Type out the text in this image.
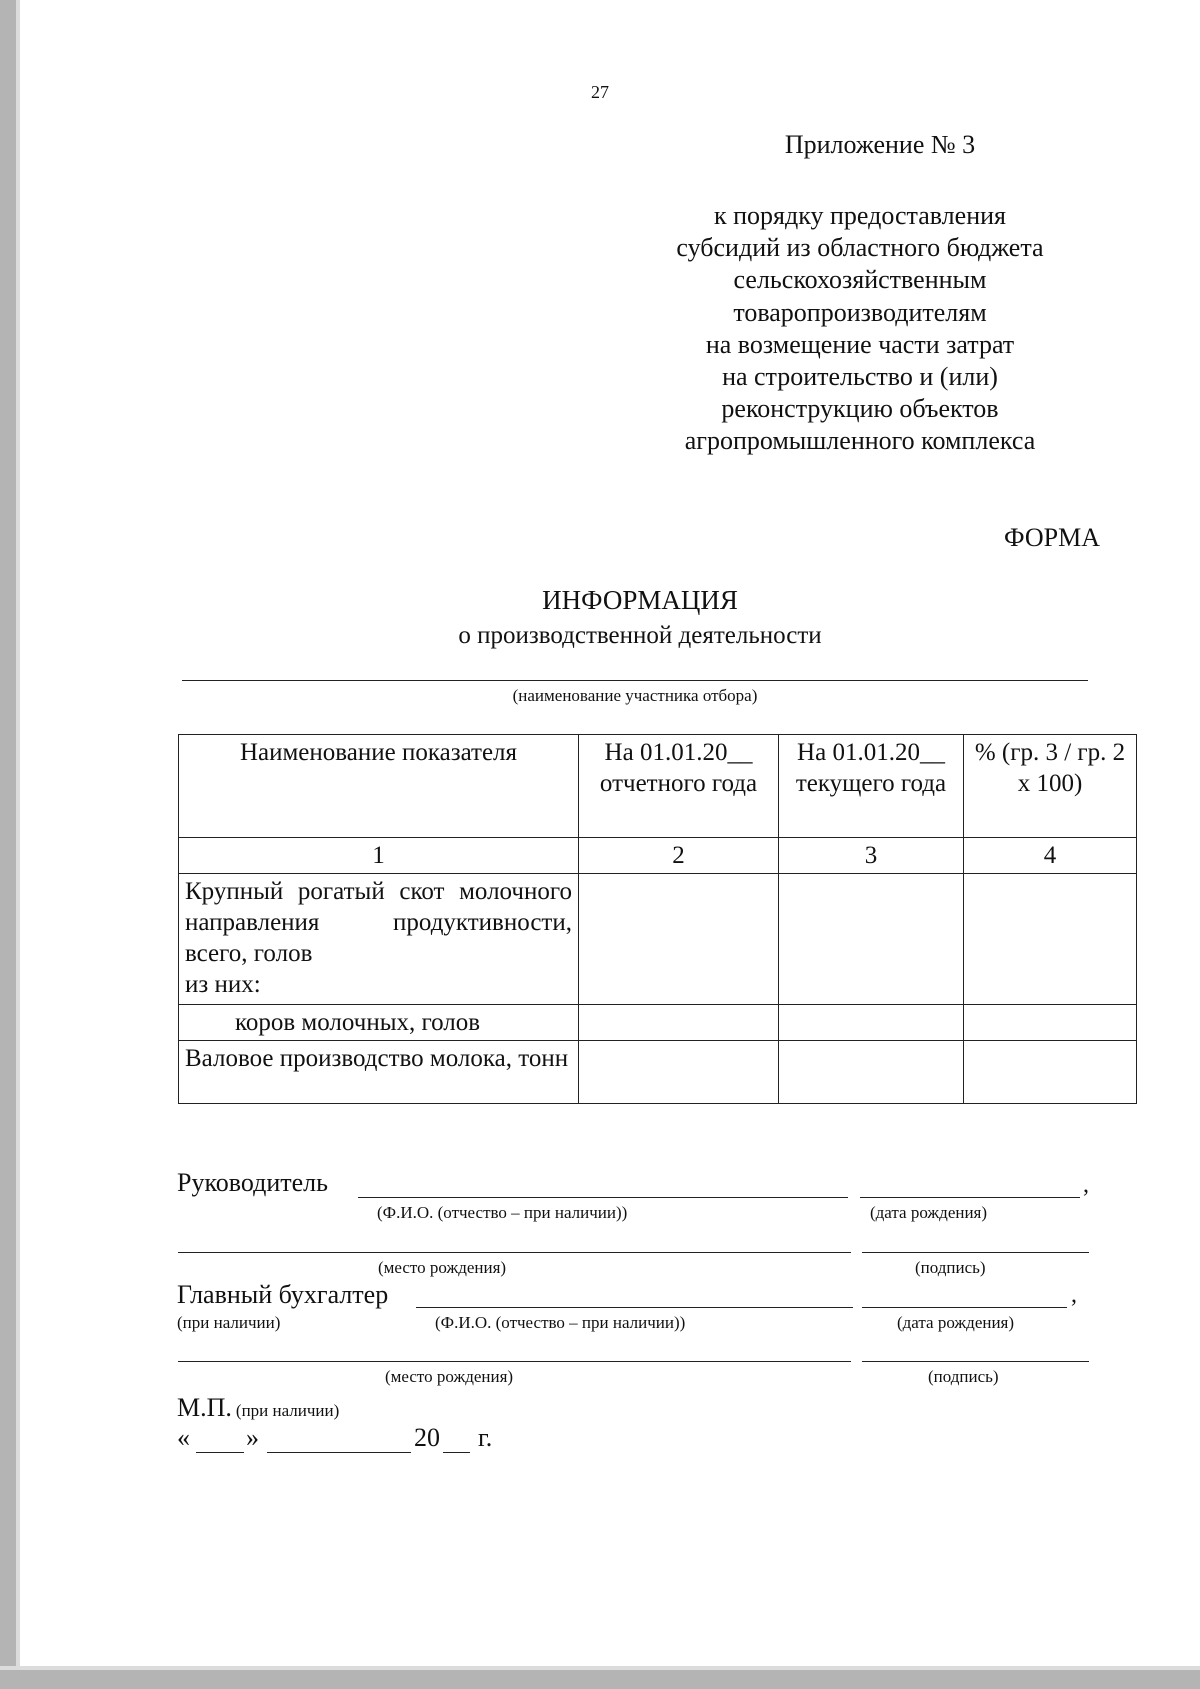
27
Приложение № 3
к порядку предоставления
субсидий из областного бюджета
сельскохозяйственным
товаропроизводителям
на возмещение части затрат
на строительство и (или)
реконструкцию объектов
агропромышленного комплекса
ФОРМА
ИНФОРМАЦИЯ
о производственной деятельности
(наименование участника отбора)
Наименование показателя	На 01.01.20__ отчетного года	На 01.01.20__ текущего года	% (гр. 3 / гр. 2 х 100)
1	2	3	4

Крупный рогатый скот молочного направления продуктивности, всего, голов
из них:			

коров молочных, голов			
Валовое производство молока, тонн			
Руководитель	,
(Ф.И.О. (отчество – при наличии))	(дата рождения)
(место рождения)	(подпись)
Главный бухгалтер	,
(при наличии)	(Ф.И.О. (отчество – при наличии))	(дата рождения)
(место рождения)	(подпись)
М.П. (при наличии)
« »	20 г.
